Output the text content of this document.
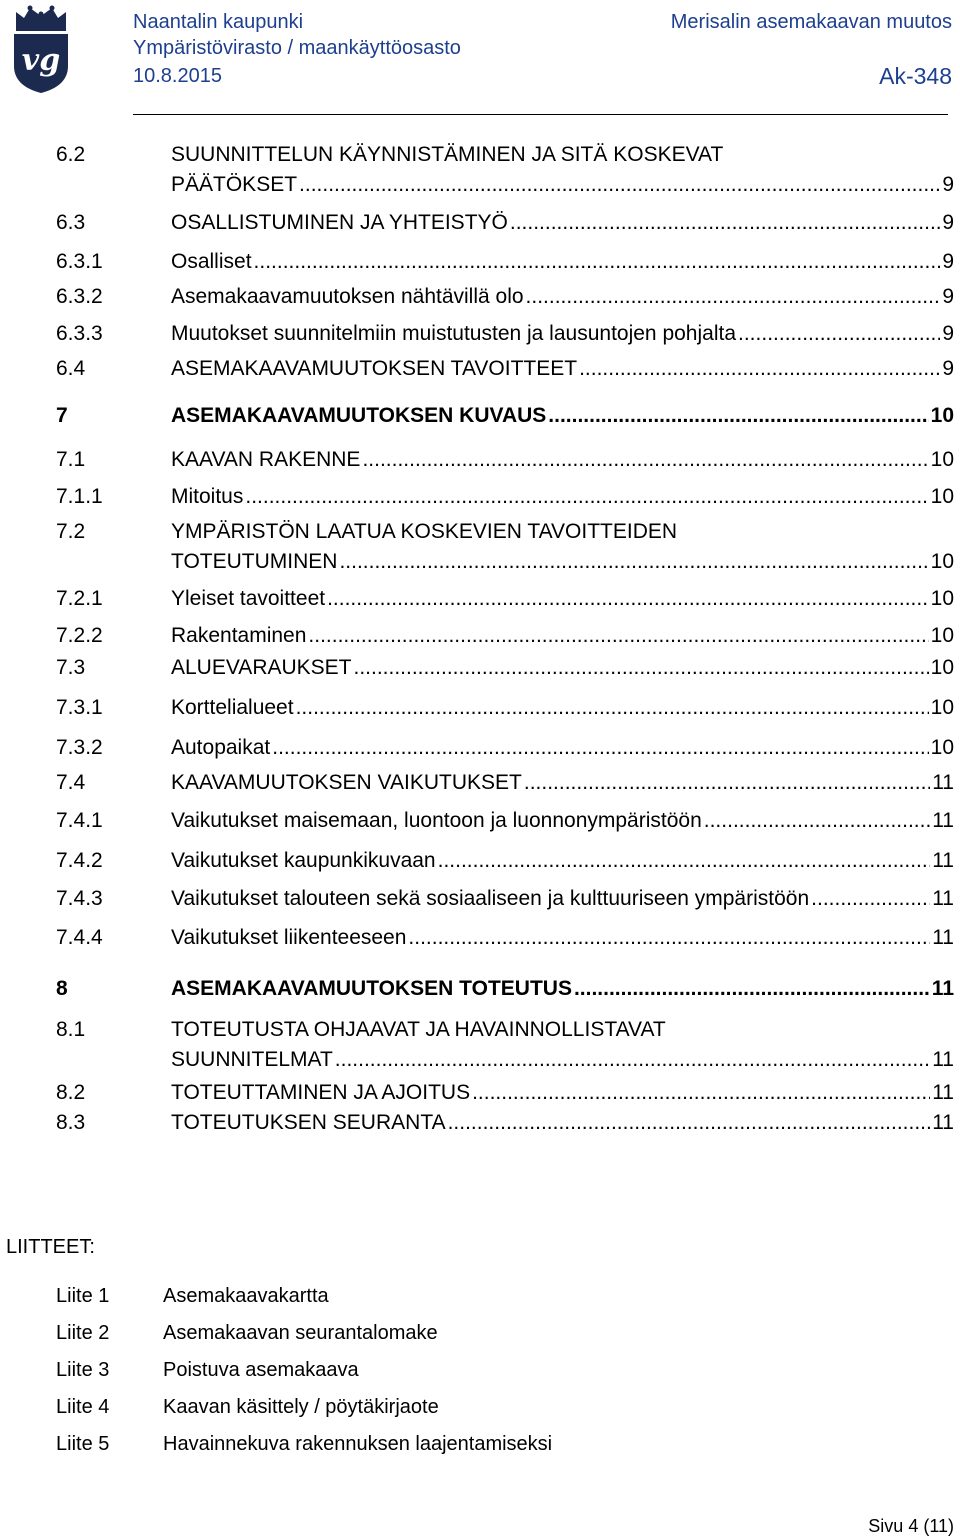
vg
Naantalin kaupunki
Ympäristövirasto / maankäyttöosasto
10.8.2015
Merisalin asemakaavan muutos
Ak-348
6.2	SUUNNITTELUN KÄYNNISTÄMINEN JA SITÄ KOSKEVAT
PÄÄTÖKSET .....	9
6.3	OSALLISTUMINEN JA YHTEISTYÖ .....	9
6.3.1	Osalliset .....	9
6.3.2	Asemakaavamuutoksen nähtävillä olo .....	9
6.3.3	Muutokset suunnitelmiin muistutusten ja lausuntojen pohjalta .....	9
6.4	ASEMAKAAVAMUUTOKSEN TAVOITTEET .....	9
7	ASEMAKAAVAMUUTOKSEN KUVAUS .....	10
7.1	KAAVAN RAKENNE .....	10
7.1.1	Mitoitus .....	10
7.2	YMPÄRISTÖN LAATUA KOSKEVIEN TAVOITTEIDEN
TOTEUTUMINEN .....	10
7.2.1	Yleiset tavoitteet .....	10
7.2.2	Rakentaminen .....	10
7.3	ALUEVARAUKSET .....	10
7.3.1	Korttelialueet .....	10
7.3.2	Autopaikat .....	10
7.4	KAAVAMUUTOKSEN VAIKUTUKSET .....	11
7.4.1	Vaikutukset maisemaan, luontoon ja luonnonympäristöön .....	11
7.4.2	Vaikutukset kaupunkikuvaan .....	11
7.4.3	Vaikutukset talouteen sekä sosiaaliseen ja kulttuuriseen ympäristöön .....	11
7.4.4	Vaikutukset liikenteeseen .....	11
8	ASEMAKAAVAMUUTOKSEN TOTEUTUS .....	11
8.1	TOTEUTUSTA OHJAAVAT JA HAVAINNOLLISTAVAT
SUUNNITELMAT .....	11
8.2	TOTEUTTAMINEN JA AJOITUS .....	11
8.3	TOTEUTUKSEN SEURANTA .....	11
LIITTEET:
Liite 1	Asemakaavakartta
Liite 2	Asemakaavan seurantalomake
Liite 3	Poistuva asemakaava
Liite 4	Kaavan käsittely / pöytäkirjaote
Liite 5	Havainnekuva rakennuksen laajentamiseksi
Sivu 4 (11)
